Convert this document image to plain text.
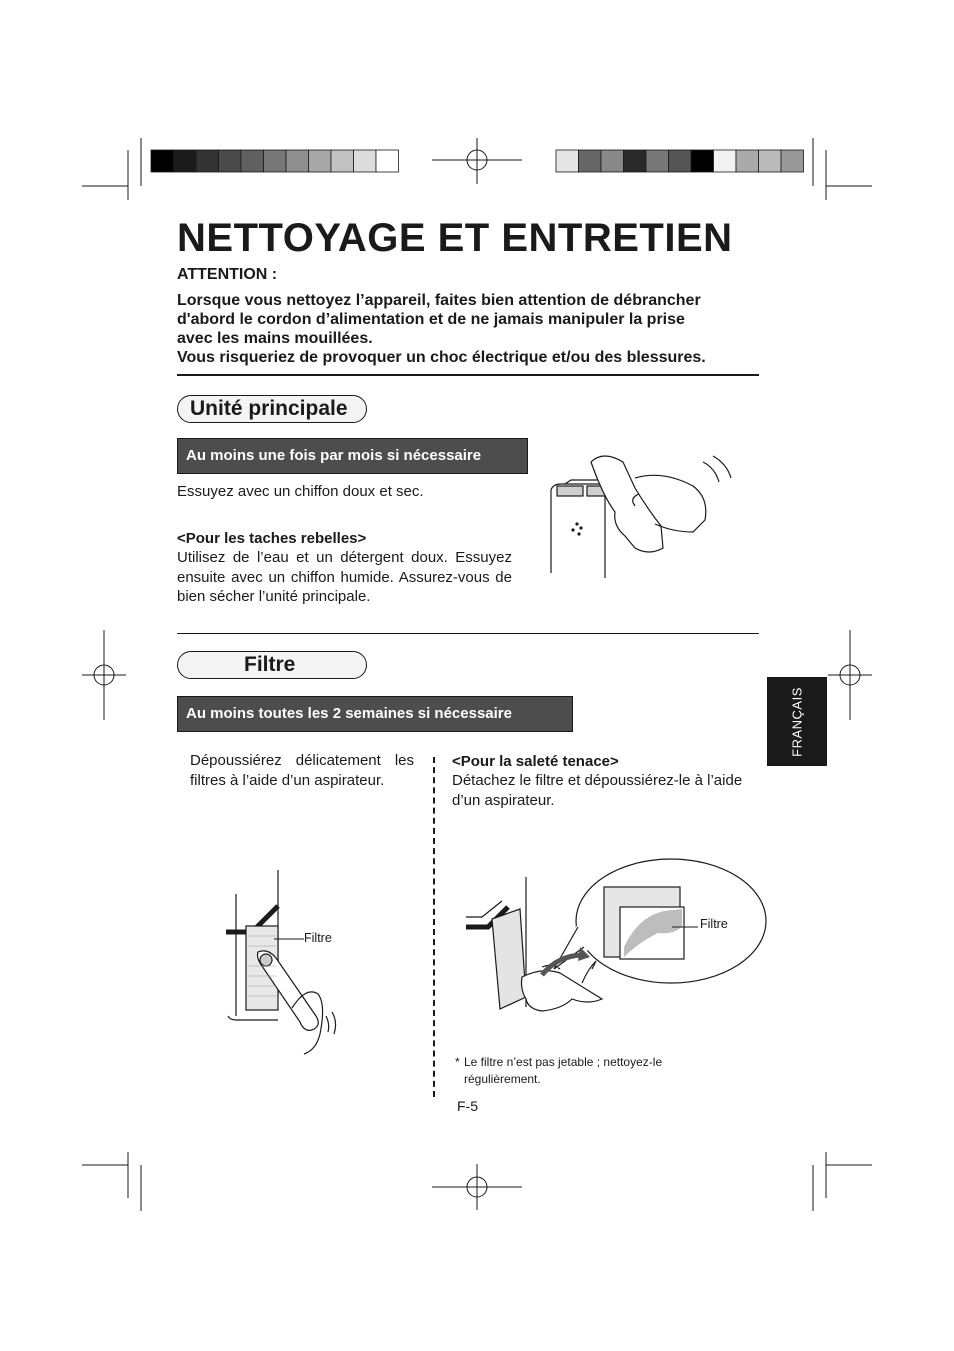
NETTOYAGE ET ENTRETIEN
ATTENTION :
Lorsque vous nettoyez l’appareil, faites bien attention de débrancher
d'abord le cordon d’alimentation et de ne jamais manipuler la prise
avec les mains mouillées.
Vous risqueriez de provoquer un choc électrique et/ou des blessures.
Unité principale
Au moins une fois par mois si nécessaire
Essuyez avec un chiffon doux et sec.
<Pour les taches rebelles>
Utilisez de l’eau et un détergent doux. Essuyez ensuite avec un chiffon humide. Assurez-vous de bien sécher l’unité principale.
Filtre
Au moins toutes les 2 semaines si nécessaire	FRANÇAIS
Dépoussiérez délicatement les filtres à l’aide d’un aspirateur.
<Pour la saleté tenace>
Détachez le filtre et dépoussiérez-le à l’aide d’un aspirateur.
Filtre
Filtre
* Le filtre n’est pas jetable ; nettoyez-le
régulièrement.
F-5
